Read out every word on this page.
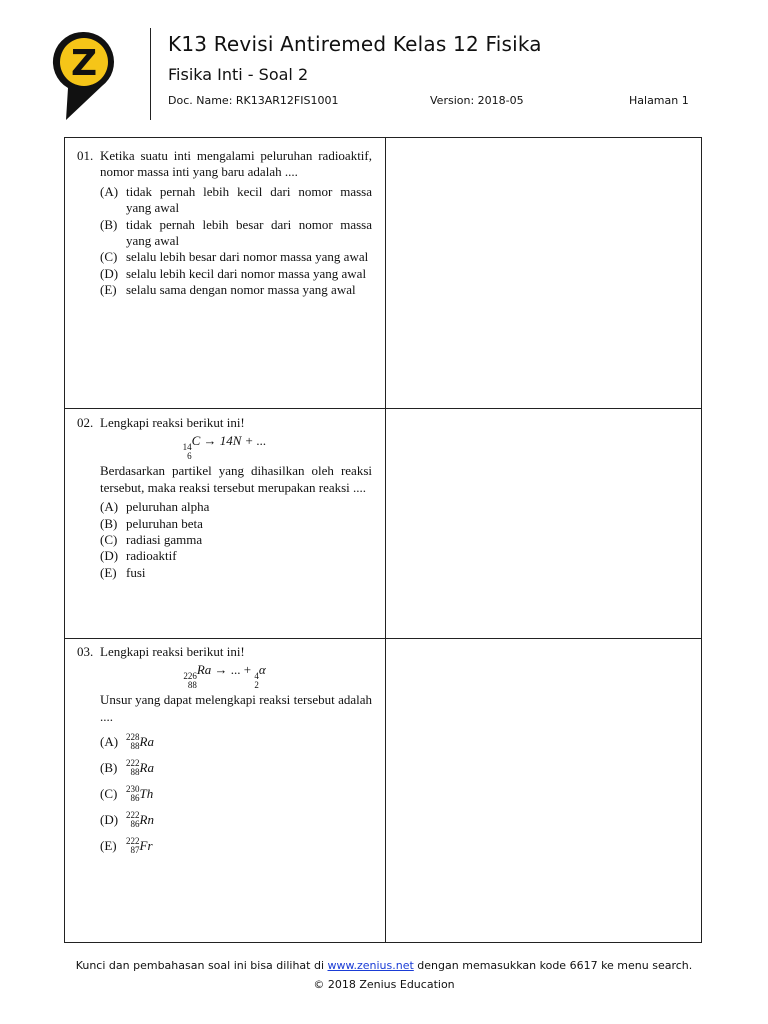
Z	K13 Revisi Antiremed Kelas 12 Fisika
Fisika Inti - Soal 2
Doc. Name: RK13AR12FIS1001	Version: 2018-05	Halaman 1
01. Ketika suatu inti mengalami peluruhan radioaktif, nomor massa inti yang baru adalah ....
(A) tidak pernah lebih kecil dari nomor massa yang awal
(B) tidak pernah lebih besar dari nomor massa yang awal
(C) selalu lebih besar dari nomor massa yang awal
(D) selalu lebih kecil dari nomor massa yang awal
(E) selalu sama dengan nomor massa yang awal
02. Lengkapi reaksi berikut ini!
14
6
C → 14N + ...
Berdasarkan partikel yang dihasilkan oleh reaksi tersebut, maka reaksi tersebut merupakan reaksi ....
(A) peluruhan alpha
(B) peluruhan beta
(C) radiasi gamma
(D) radioaktif
(E) fusi
03. Lengkapi reaksi berikut ini!
226
88
Ra → ... + 4
2
α
Unsur yang dapat melengkapi reaksi tersebut adalah ....
(A) 228
88 Ra
(B) 222
88 Ra
(C) 230
86 Th
(D) 222
86 Rn
(E)	222
87 Fr
Kunci dan pembahasan soal ini bisa dilihat di www.zenius.net dengan memasukkan kode 6617 ke menu search.
© 2018 Zenius Education
